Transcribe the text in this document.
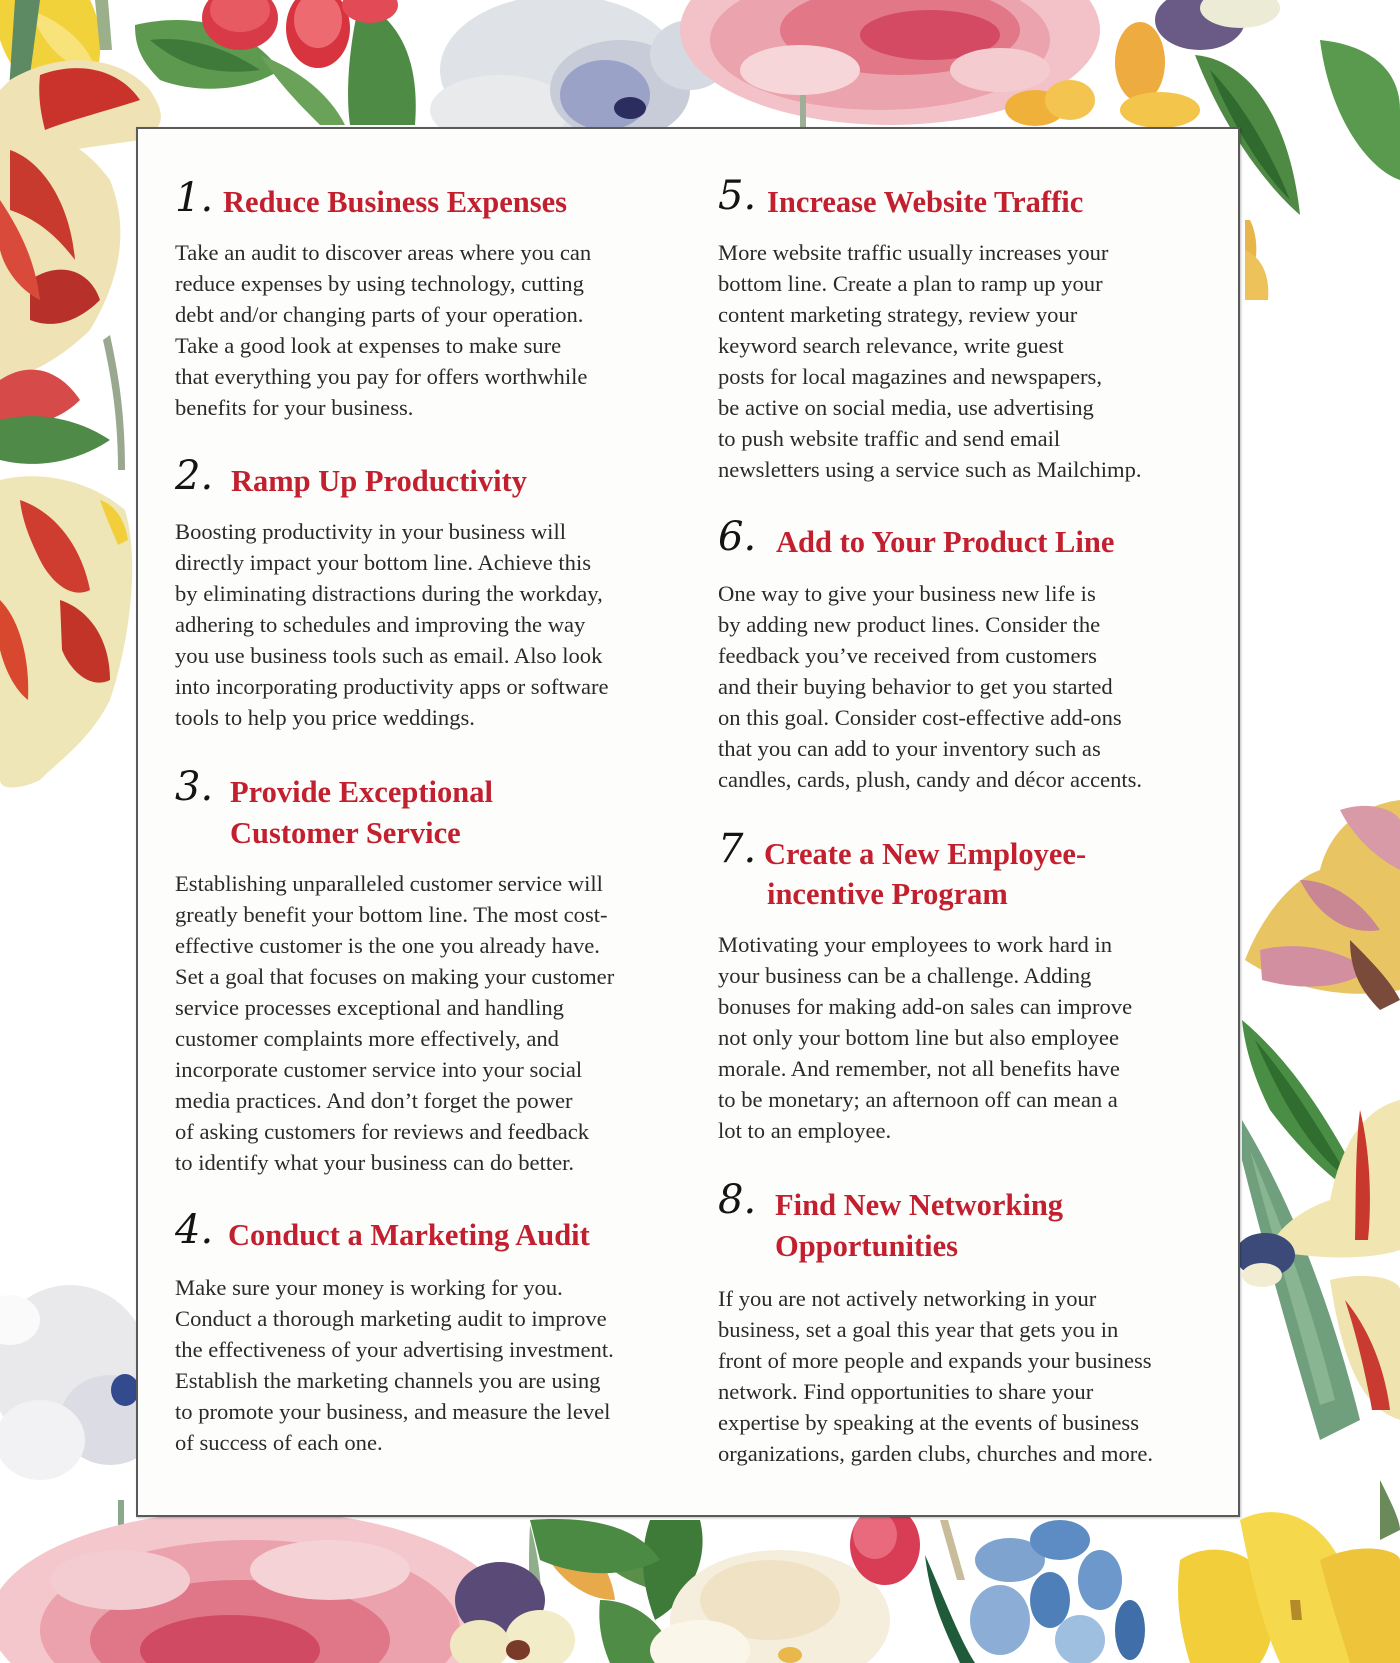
1. Reduce Business Expenses
Take an audit to discover areas where you can
reduce expenses by using technology, cutting
debt and/or changing parts of your operation.
Take a good look at expenses to make sure
that everything you pay for offers worthwhile
benefits for your business.
2. Ramp Up Productivity
Boosting productivity in your business will
directly impact your bottom line. Achieve this
by eliminating distractions during the workday,
adhering to schedules and improving the way
you use business tools such as email. Also look
into incorporating productivity apps or software
tools to help you price weddings.
3. Provide Exceptional
Customer Service
Establishing unparalleled customer service will
greatly benefit your bottom line. The most cost-
effective customer is the one you already have.
Set a goal that focuses on making your customer
service processes exceptional and handling
customer complaints more effectively, and
incorporate customer service into your social
media practices. And don’t forget the power
of asking customers for reviews and feedback
to identify what your business can do better.
4. Conduct a Marketing Audit
Make sure your money is working for you.
Conduct a thorough marketing audit to improve
the effectiveness of your advertising investment.
Establish the marketing channels you are using
to promote your business, and measure the level
of success of each one.
5. Increase Website Traffic
More website traffic usually increases your
bottom line. Create a plan to ramp up your
content marketing strategy, review your
keyword search relevance, write guest
posts for local magazines and newspapers,
be active on social media, use advertising
to push website traffic and send email
newsletters using a service such as Mailchimp.
6. Add to Your Product Line
One way to give your business new life is
by adding new product lines. Consider the
feedback you’ve received from customers
and their buying behavior to get you started
on this goal. Consider cost-effective add-ons
that you can add to your inventory such as
candles, cards, plush, candy and décor accents.
7. Create a New Employee-
incentive Program
Motivating your employees to work hard in
your business can be a challenge. Adding
bonuses for making add-on sales can improve
not only your bottom line but also employee
morale. And remember, not all benefits have
to be monetary; an afternoon off can mean a
lot to an employee.
8. Find New Networking
Opportunities
If you are not actively networking in your
business, set a goal this year that gets you in
front of more people and expands your business
network. Find opportunities to share your
expertise by speaking at the events of business
organizations, garden clubs, churches and more.
